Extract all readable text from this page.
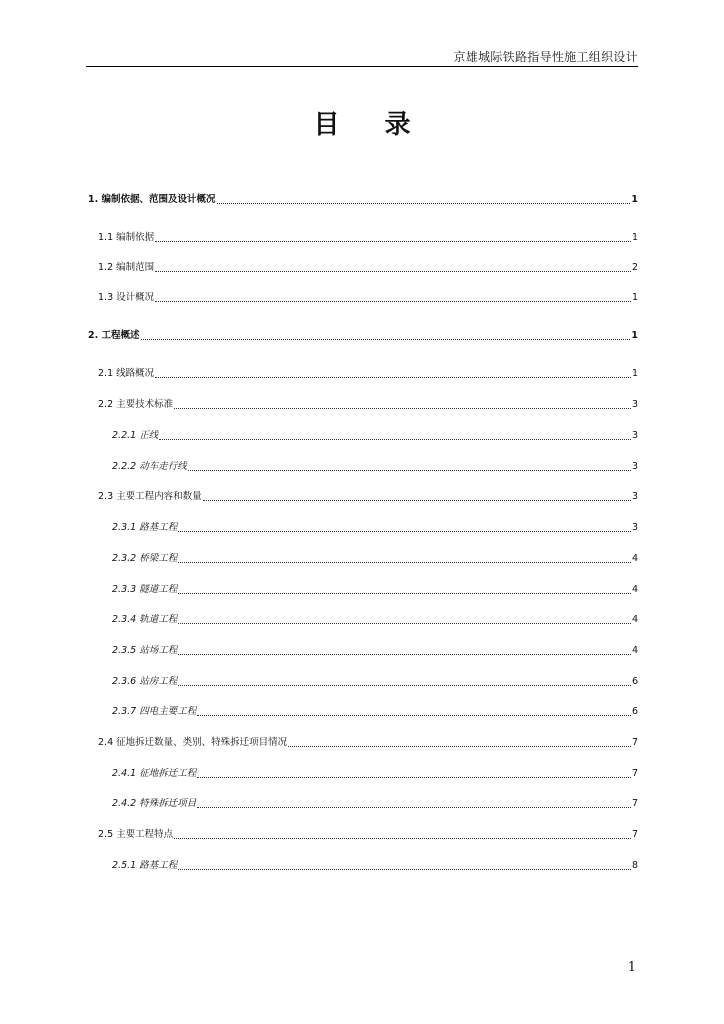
京雄城际铁路指导性施工组织设计
目 录
1. 编制依据、范围及设计概况	1
1.1 编制依据	1
1.2 编制范围	2
1.3 设计概况	1
2. 工程概述	1
2.1 线路概况	1
2.2 主要技术标准	3
2.2.1 正线	3
2.2.2 动车走行线	3
2.3 主要工程内容和数量	3
2.3.1 路基工程	3
2.3.2 桥梁工程	4
2.3.3 隧道工程	4
2.3.4 轨道工程	4
2.3.5 站场工程	4
2.3.6 站房工程	6
2.3.7 四电主要工程	6
2.4 征地拆迁数量、类别、特殊拆迁项目情况	7
2.4.1 征地拆迁工程	7
2.4.2 特殊拆迁项目	7
2.5 主要工程特点	7
2.5.1 路基工程	8
1
